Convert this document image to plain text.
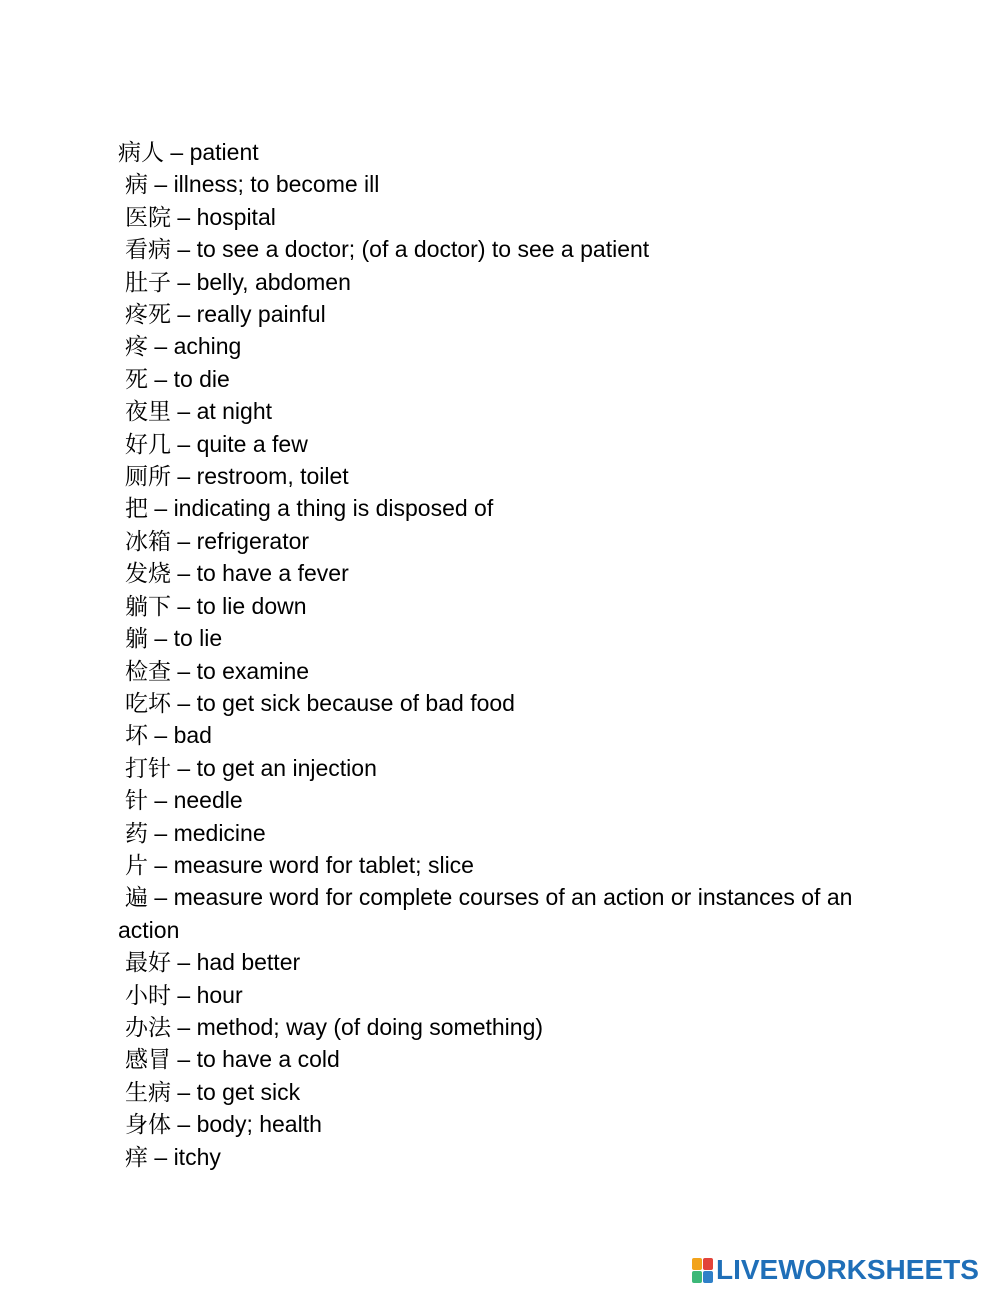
病人 – patient
病 – illness; to become ill
医院 – hospital
看病 – to see a doctor; (of a doctor) to see a patient
肚子 – belly, abdomen
疼死 – really painful
疼 – aching
死 – to die
夜里 – at night
好几 – quite a few
厕所 – restroom, toilet
把 – indicating a thing is disposed of
冰箱 – refrigerator
发烧 – to have a fever
躺下 – to lie down
躺 – to lie
检查 – to examine
吃坏 – to get sick because of bad food
坏 – bad
打针 – to get an injection
针 – needle
药 – medicine
片 – measure word for tablet; slice
遍 – measure word for complete courses of an action or instances of an action
最好 – had better
小时 – hour
办法 – method; way (of doing something)
感冒 – to have a cold
生病 – to get sick
身体 – body; health
痒 – itchy
LIVEWORKSHEETS
